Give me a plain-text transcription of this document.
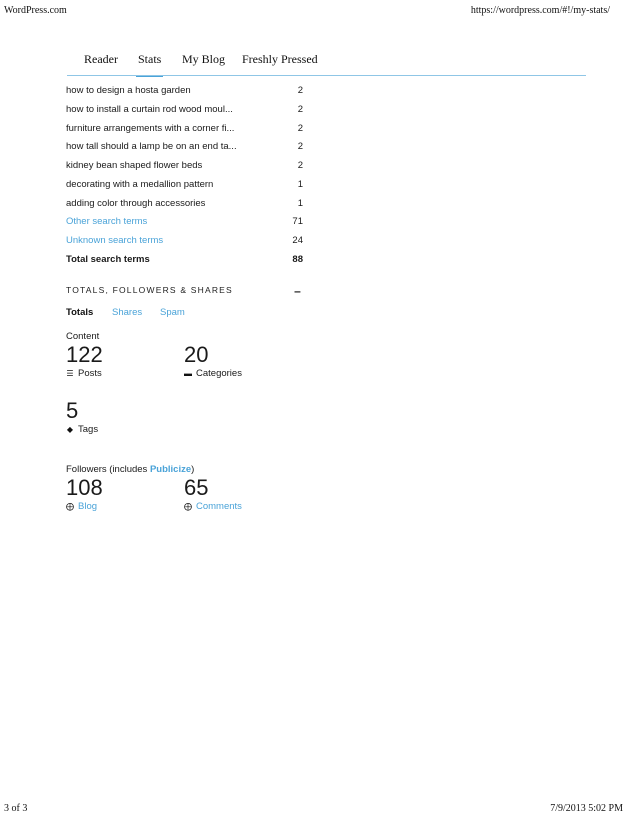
WordPress.com	https://wordpress.com/#!/my-stats/
Reader Stats My Blog Freshly Pressed
how to design a hosta garden	2
how to install a curtain rod wood moul...	2
furniture arrangements with a corner fi...	2
how tall should a lamp be on an end ta...	2
kidney bean shaped flower beds	2
decorating with a medallion pattern	1
adding color through accessories	1
Other search terms	71
Unknown search terms	24
Total search terms	88
TOTALS, FOLLOWERS & SHARES	–
Totals Shares Spam
Content
122
☰ Posts
20
▬ Categories
5
◆ Tags
Followers (includes Publicize)
108
⨁ Blog
65
⨁ Comments
3 of 3	7/9/2013 5:02 PM
